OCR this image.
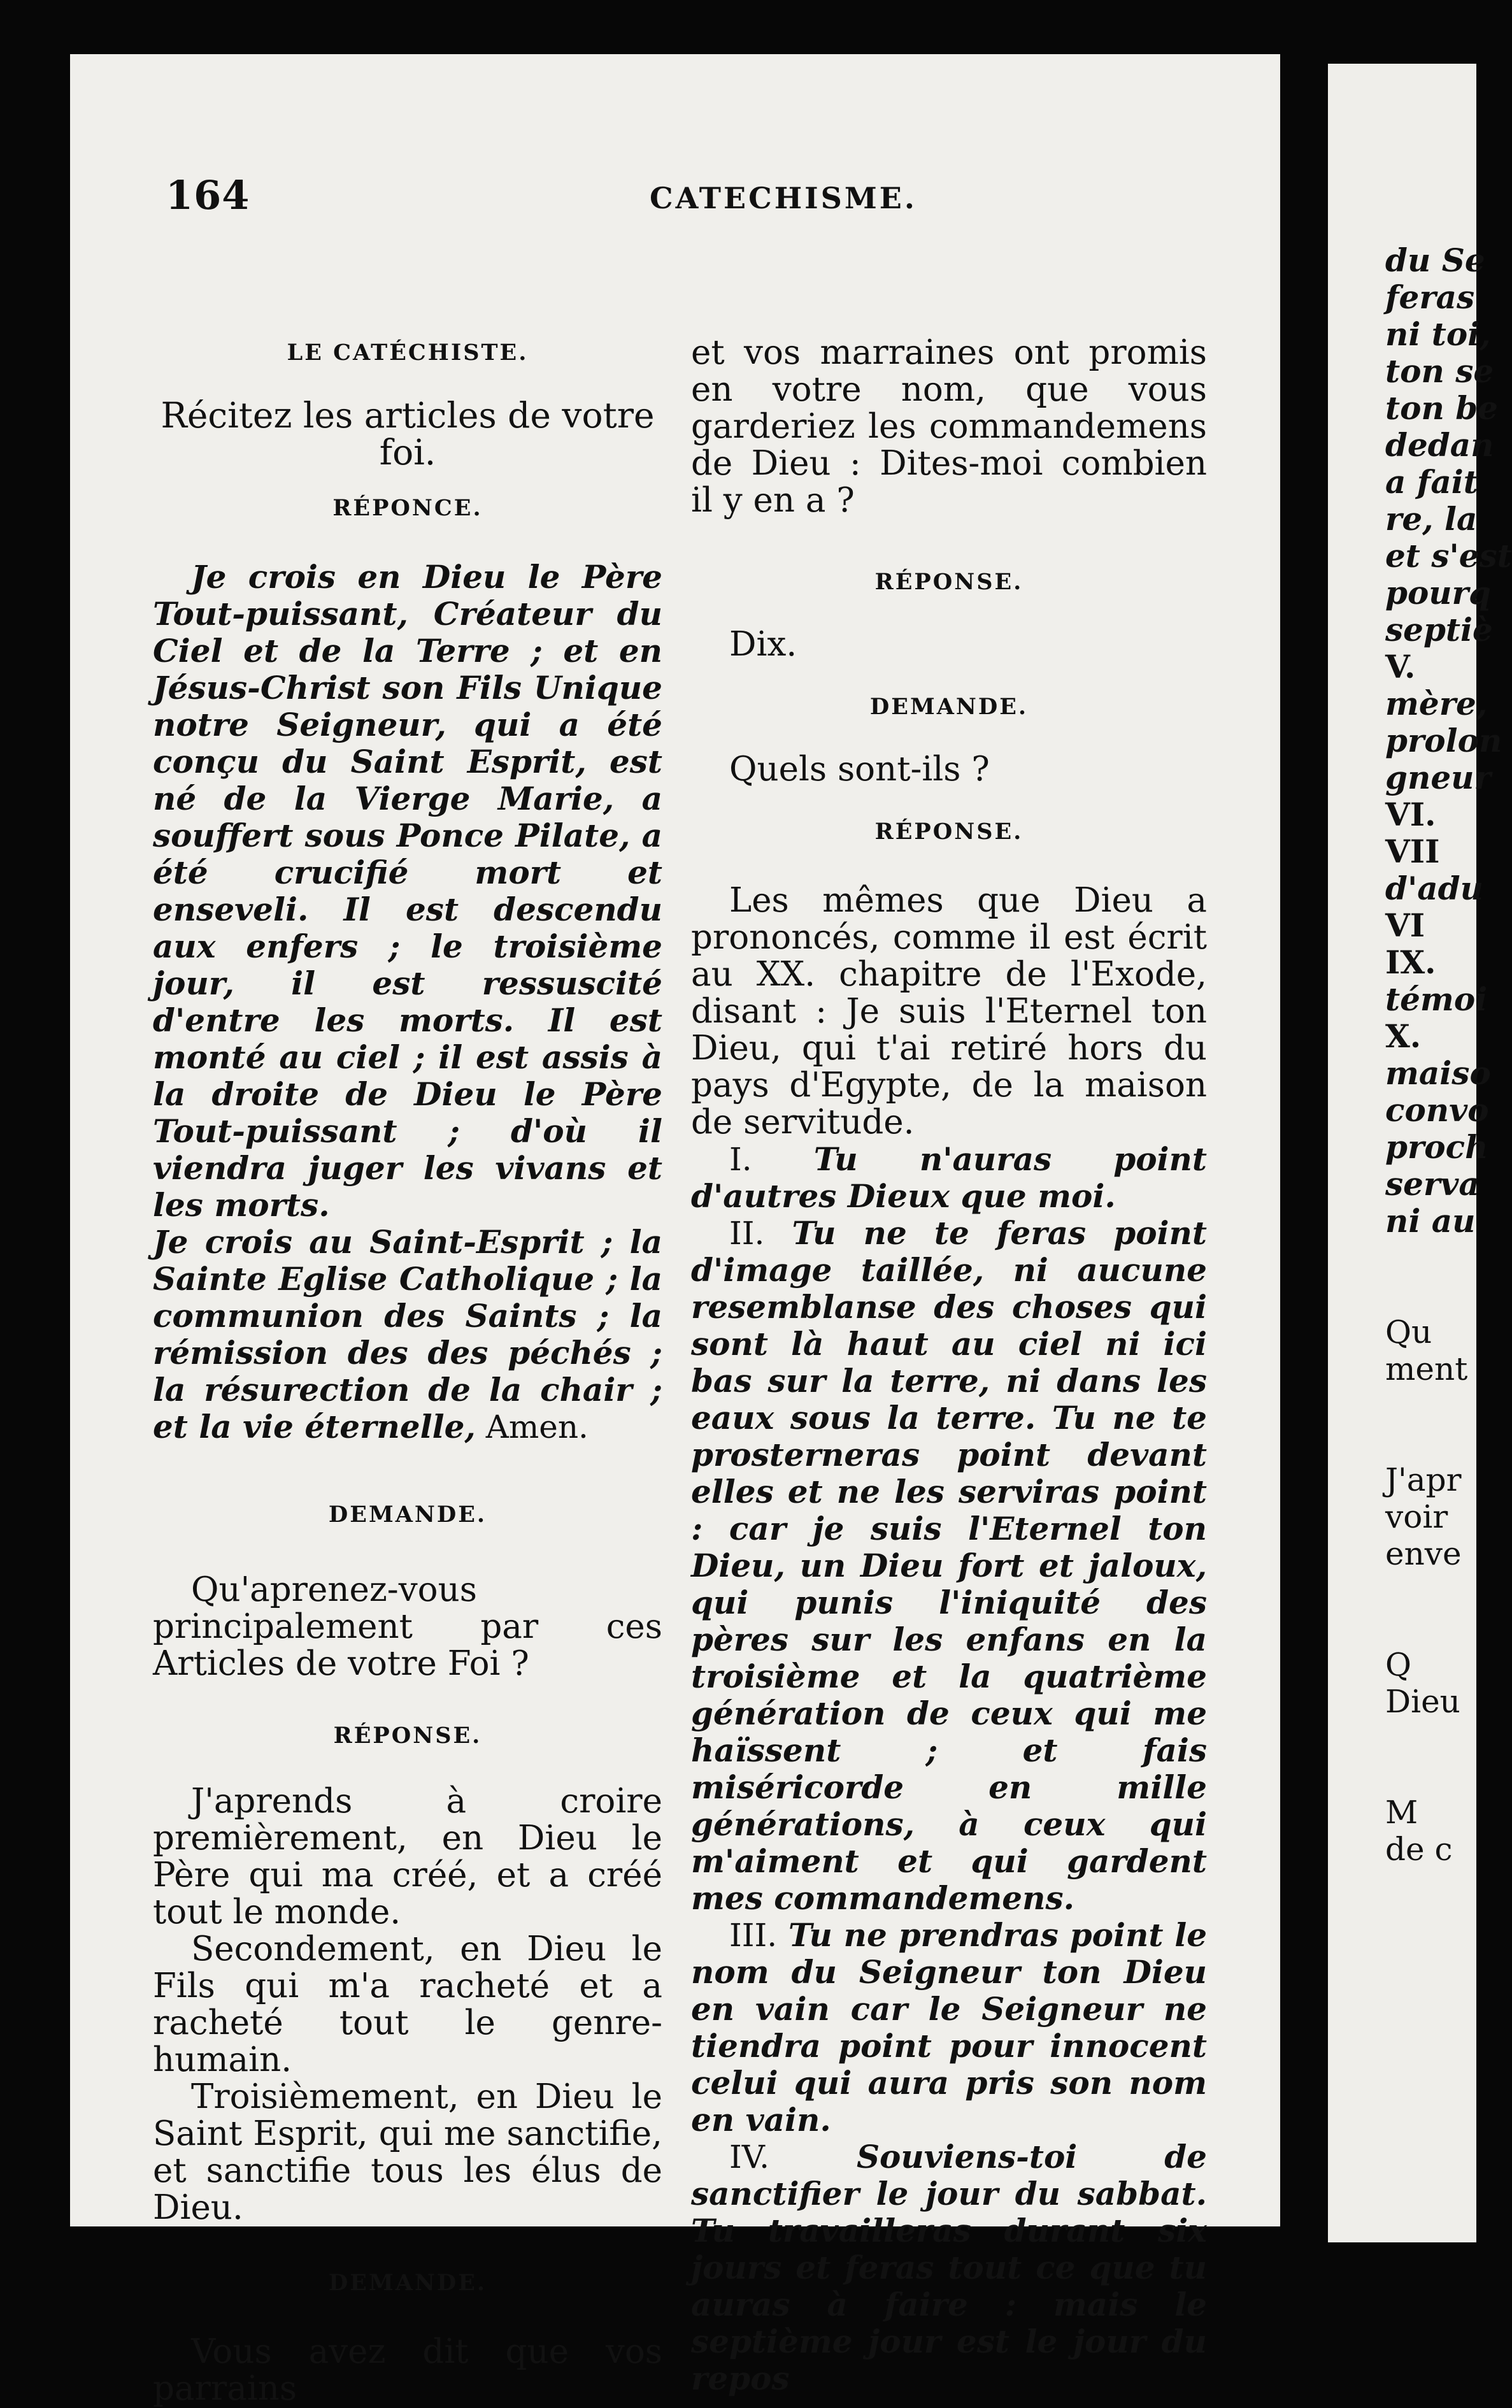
164	CATECHISME.

LE CATÉCHISTE.

Récitez les articles de votre foi.

RÉPONCE.

Je crois en Dieu le Père Tout-puissant, Créateur du Ciel et de la Terre ; et en Jésus-Christ son Fils Unique notre Seigneur, qui a été conçu du Saint Esprit, est né de la Vierge Marie, a souffert sous Ponce Pilate, a été crucifié mort et enseveli. Il est descendu aux enfers ; le troisième jour, il est ressuscité d'entre les morts. Il est monté au ciel ; il est assis à la droite de Dieu le Père Tout-puissant ; d'où il viendra juger les vivans et les morts.

Je crois au Saint-Esprit ; la Sainte Eglise Catholique ; la communion des Saints ; la rémission des des péchés ; la résurection de la chair ; et la vie éternelle, Amen.

DEMANDE.

Qu'aprenez-vous principalement par ces Articles de votre Foi ?

RÉPONSE.

J'aprends à croire premièrement, en Dieu le Père qui ma créé, et a créé tout le monde.

Secondement, en Dieu le Fils qui m'a racheté et a racheté tout le genre-humain.

Troisièmement, en Dieu le Saint Esprit, qui me sanctifie, et sanctifie tous les élus de Dieu.

DEMANDE.

Vous avez dit que vos parrains

et vos marraines ont promis en votre nom, que vous garderiez les commandemens de Dieu : Dites-moi combien il y en a ?

RÉPONSE.

Dix.

DEMANDE.

Quels sont-ils ?

RÉPONSE.

Les mêmes que Dieu a prononcés, comme il est écrit au XX. chapitre de l'Exode, disant : Je suis l'Eternel ton Dieu, qui t'ai retiré hors du pays d'Egypte, de la maison de servitude.

I. Tu n'auras point d'autres Dieux que moi.

II. Tu ne te feras point d'image taillée, ni aucune resemblanse des choses qui sont là haut au ciel ni ici bas sur la terre, ni dans les eaux sous la terre. Tu ne te prosterneras point devant elles et ne les serviras point : car je suis l'Eternel ton Dieu, un Dieu fort et jaloux, qui punis l'iniquité des pères sur les enfans en la troisième et la quatrième génération de ceux qui me haïssent ; et fais miséricorde en mille générations, à ceux qui m'aiment et qui gardent mes commandemens.

III. Tu ne prendras point le nom du Seigneur ton Dieu en vain car le Seigneur ne tiendra point pour innocent celui qui aura pris son nom en vain.

IV. Souviens-toi de sanctifier le jour du sabbat. Tu travailleras durant six jours et feras tout ce que tu auras à faire : mais le septième jour est le jour du repos

du Se
feras
ni toi,
ton se
ton be
dedan
a fait
re, la
et s'est
pourq
septiè
V.
mère,
prolon
gneur
VI.
VII
d'adu
VI
IX.
témoi
X.
maiso
convo
proch
serva
ni au
Qu
ment
J'apr
voir
enve
Q
Dieu
M
de c
